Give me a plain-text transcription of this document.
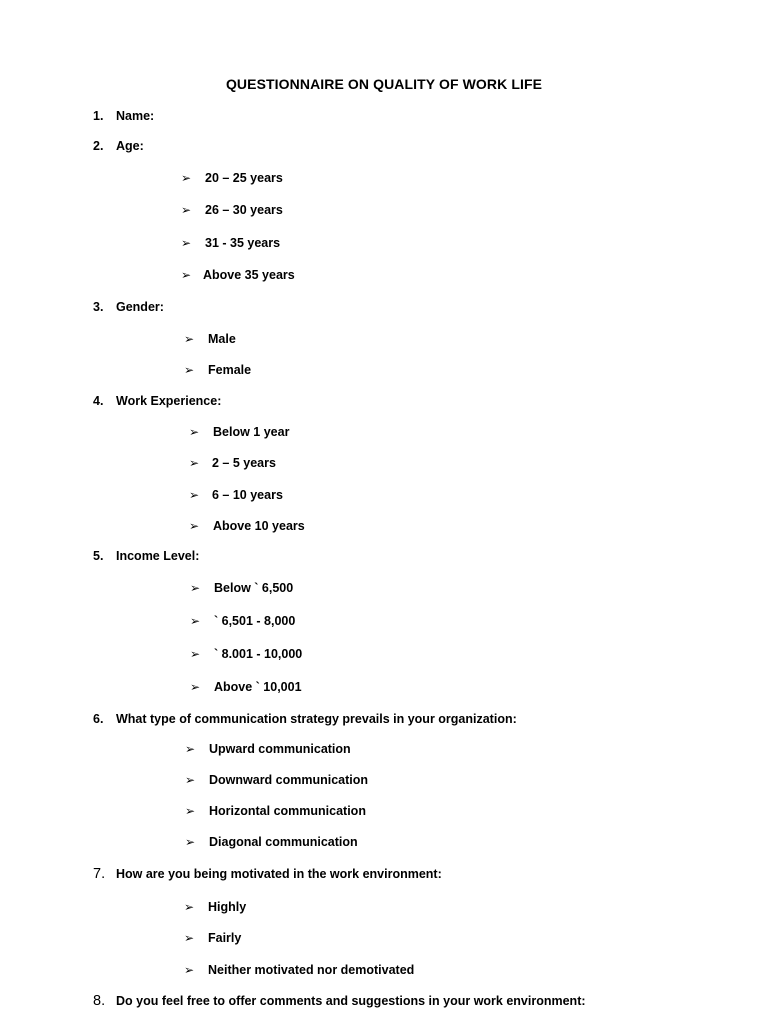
QUESTIONNAIRE ON QUALITY OF WORK LIFE
1. Name:
2. Age:
➢ 20 – 25 years
➢ 26 – 30 years
➢ 31 - 35 years
➢ Above 35 years
3. Gender:
➢ Male
➢ Female
4. Work Experience:
➢ Below 1 year
➢ 2 – 5 years
➢ 6 – 10 years
➢ Above 10 years
5. Income Level:
➢ Below ` 6,500
➢ ` 6,501 - 8,000
➢ ` 8.001 - 10,000
➢ Above ` 10,001
6. What type of communication strategy prevails in your organization:
➢ Upward communication
➢ Downward communication
➢ Horizontal communication
➢ Diagonal communication
7. How are you being motivated in the work environment:
➢ Highly
➢ Fairly
➢ Neither motivated nor demotivated
8. Do you feel free to offer comments and suggestions in your work environment:
